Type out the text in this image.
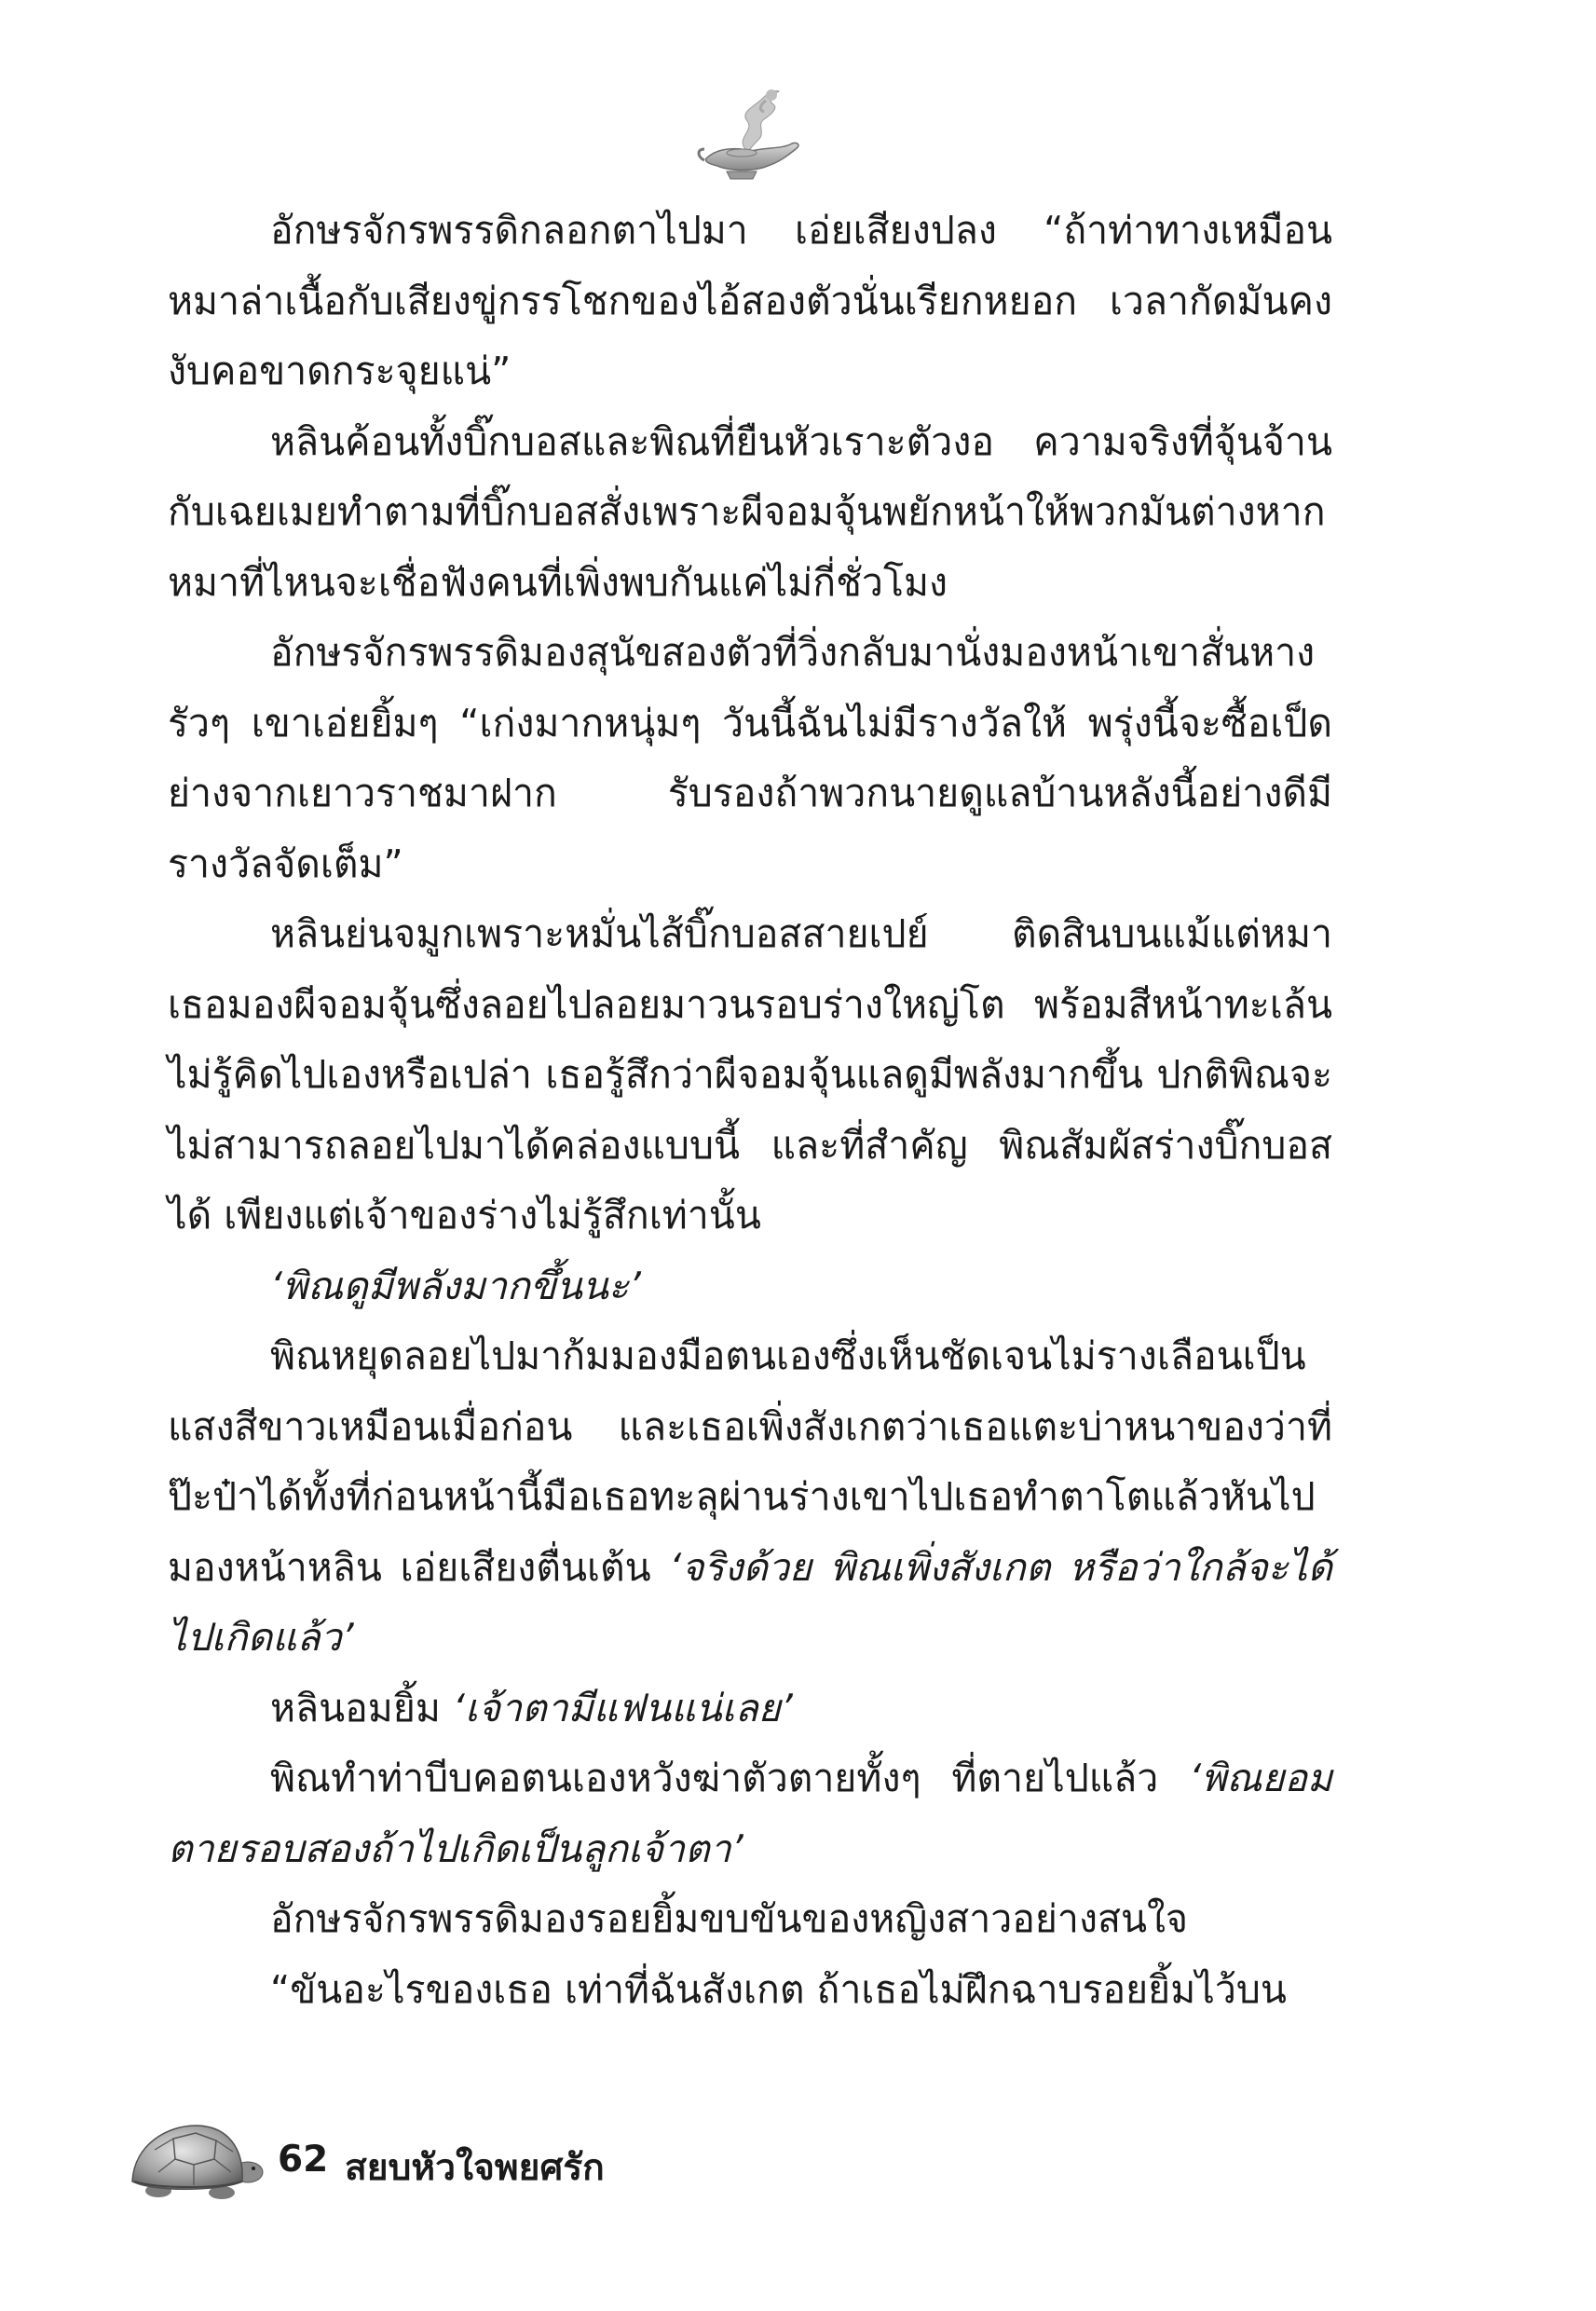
อักษรจักรพรรดิกลอกตาไปมา เอ่ยเสียงปลง “ถ้าท่าทางเหมือนหมาล่าเนื้อกับเสียงขู่กรรโชกของไอ้สองตัวนั่นเรียกหยอก เวลากัดมันคงงับคอขาดกระจุยแน่”

หลินค้อนทั้งบิ๊กบอสและพิณที่ยืนหัวเราะตัวงอ ความจริงที่จุ้นจ้านกับเฉยเมยทำตามที่บิ๊กบอสสั่งเพราะผีจอมจุ้นพยักหน้าให้พวกมันต่างหาก หมาที่ไหนจะเชื่อฟังคนที่เพิ่งพบกันแค่ไม่กี่ชั่วโมง

อักษรจักรพรรดิมองสุนัขสองตัวที่วิ่งกลับมานั่งมองหน้าเขาสั่นหางรัวๆ เขาเอ่ยยิ้มๆ “เก่งมากหนุ่มๆ วันนี้ฉันไม่มีรางวัลให้ พรุ่งนี้จะซื้อเป็ดย่างจากเยาวราชมาฝาก รับรองถ้าพวกนายดูแลบ้านหลังนี้อย่างดีมีรางวัลจัดเต็ม”

หลินย่นจมูกเพราะหมั่นไส้บิ๊กบอสสายเปย์ ติดสินบนแม้แต่หมา เธอมองผีจอมจุ้นซึ่งลอยไปลอยมาวนรอบร่างใหญ่โต พร้อมสีหน้าทะเล้น ไม่รู้คิดไปเองหรือเปล่า เธอรู้สึกว่าผีจอมจุ้นแลดูมีพลังมากขึ้น ปกติพิณจะไม่สามารถลอยไปมาได้คล่องแบบนี้ และที่สำคัญ พิณสัมผัสร่างบิ๊กบอสได้ เพียงแต่เจ้าของร่างไม่รู้สึกเท่านั้น

‘พิณดูมีพลังมากขึ้นนะ’

พิณหยุดลอยไปมาก้มมองมือตนเองซึ่งเห็นชัดเจนไม่รางเลือนเป็นแสงสีขาวเหมือนเมื่อก่อน และเธอเพิ่งสังเกตว่าเธอแตะบ่าหนาของว่าที่ป๊ะป๋าได้ทั้งที่ก่อนหน้านี้มือเธอทะลุผ่านร่างเขาไปเธอทำตาโตแล้วหันไปมองหน้าหลิน เอ่ยเสียงตื่นเต้น ‘จริงด้วย พิณเพิ่งสังเกต หรือว่าใกล้จะได้ไปเกิดแล้ว’

หลินอมยิ้ม ‘เจ้าตามีแฟนแน่เลย’

พิณทำท่าบีบคอตนเองหวังฆ่าตัวตายทั้งๆ ที่ตายไปแล้ว ‘พิณยอมตายรอบสองถ้าไปเกิดเป็นลูกเจ้าตา’

อักษรจักรพรรดิมองรอยยิ้มขบขันของหญิงสาวอย่างสนใจ

“ขันอะไรของเธอ เท่าที่ฉันสังเกต ถ้าเธอไม่ฝึกฉาบรอยยิ้มไว้บน

62 สยบหัวใจพยศรัก
